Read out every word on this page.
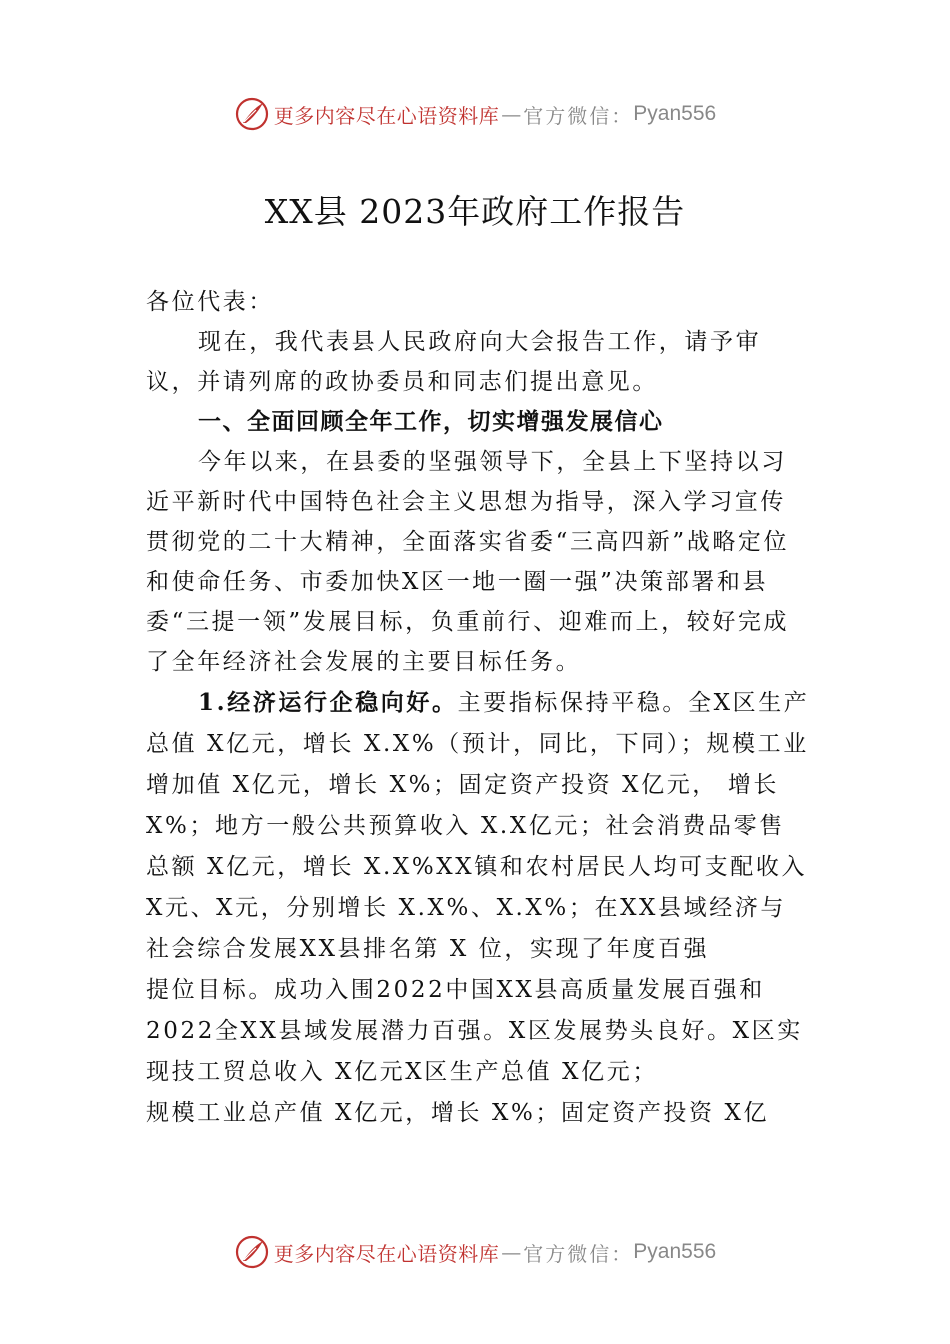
更多内容尽在心语资料库 — 官方微信： Pyan556
XX县 2023年政府工作报告

各位代表：

现在，我代表县人民政府向大会报告工作，请予审议，并请列席的政协委员和同志们提出意见。

一、全面回顾全年工作，切实增强发展信心

今年以来，在县委的坚强领导下，全县上下坚持以习近平新时代中国特色社会主义思想为指导，深入学习宣传贯彻党的二十大精神，全面落实省委“三高四新”战略定位和使命任务、市委加快X区一地一圈一强”决策部署和县委“三提一领”发展目标，负重前行、迎难而上，较好完成了全年经济社会发展的主要目标任务。

1.经济运行企稳向好。主要指标保持平稳。全X区生产总值 X亿元，增长 X.X%（预计，同比，下同）；规模工业增加值 X亿元，增长 X%；固定资产投资 X亿元， 增长X%；地方一般公共预算收入 X.X亿元；社会消费品零售总额 X亿元，增长 X.X%XX镇和农村居民人均可支配收入 X元、X元，分别增长 X.X%、X.X%；在XX县域经济与社会综合发展XX县排名第 X 位，实现了年度百强

提位目标。成功入围2022中国XX县高质量发展百强和2022全XX县域发展潜力百强。X区发展势头良好。X区实现技工贸总收入 X亿元X区生产总值 X亿元；

规模工业总产值 X亿元，增长 X%；固定资产投资 X亿

更多内容尽在心语资料库 — 官方微信： Pyan556
